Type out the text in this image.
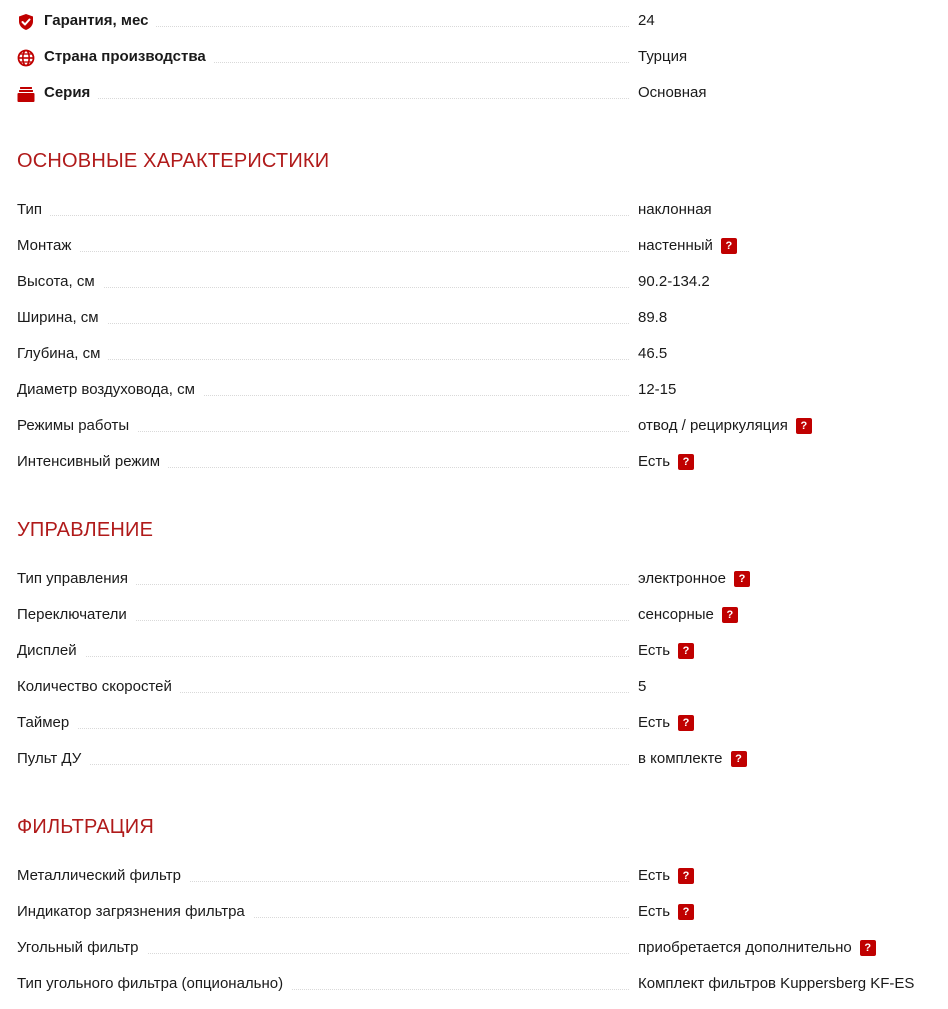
Гарантия, мес	24
Страна производства	Турция
Серия	Основная
ОСНОВНЫЕ ХАРАКТЕРИСТИКИ
Тип	наклонная
Монтаж	настенный ?
Высота, см	90.2-134.2
Ширина, см	89.8
Глубина, см	46.5
Диаметр воздуховода, см	12-15
Режимы работы	отвод / рециркуляция ?
Интенсивный режим	Есть ?
УПРАВЛЕНИЕ
Тип управления	электронное ?
Переключатели	сенсорные ?
Дисплей	Есть ?
Количество скоростей	5
Таймер	Есть ?
Пульт ДУ	в комплекте ?
ФИЛЬТРАЦИЯ
Металлический фильтр	Есть ?
Индикатор загрязнения фильтра	Есть ?
Угольный фильтр	приобретается дополнительно ?
Тип угольного фильтра (опционально)	Комплект фильтров Kuppersberg KF-ES
